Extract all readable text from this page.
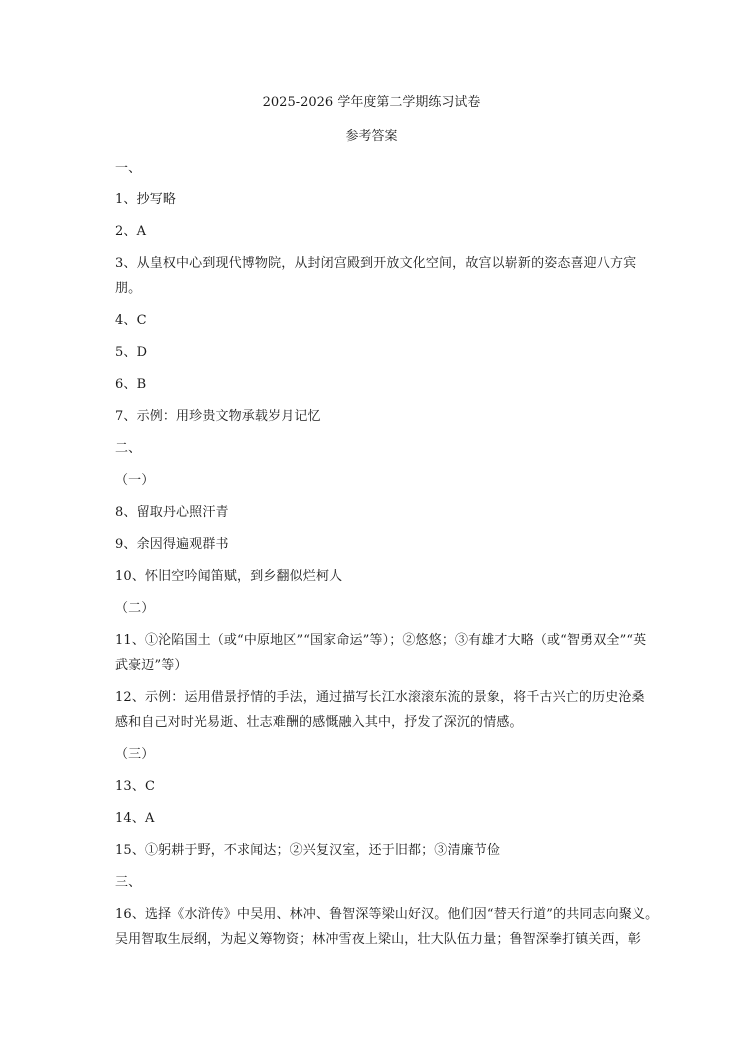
2025-2026 学年度第二学期练习试卷
参考答案
一、
1、抄写略
2、A
3、从皇权中心到现代博物院，从封闭宫殿到开放文化空间，故宫以崭新的姿态喜迎八方宾
朋。
4、C
5、D
6、B
7、示例：用珍贵文物承载岁月记忆
二、
（一）
8、留取丹心照汗青
9、余因得遍观群书
10、怀旧空吟闻笛赋，到乡翻似烂柯人
（二）
11、①沦陷国土（或“中原地区”“国家命运”等）；②悠悠；③有雄才大略（或“智勇双全”“英
武豪迈”等）
12、示例：运用借景抒情的手法，通过描写长江水滚滚东流的景象，将千古兴亡的历史沧桑
感和自己对时光易逝、壮志难酬的感慨融入其中，抒发了深沉的情感。
（三）
13、C
14、A
15、①躬耕于野，不求闻达；②兴复汉室，还于旧都；③清廉节俭
三、
16、选择《水浒传》中吴用、林冲、鲁智深等梁山好汉。他们因“替天行道”的共同志向聚义。
吴用智取生辰纲，为起义筹物资；林冲雪夜上梁山，壮大队伍力量；鲁智深拳打镇关西，彰
